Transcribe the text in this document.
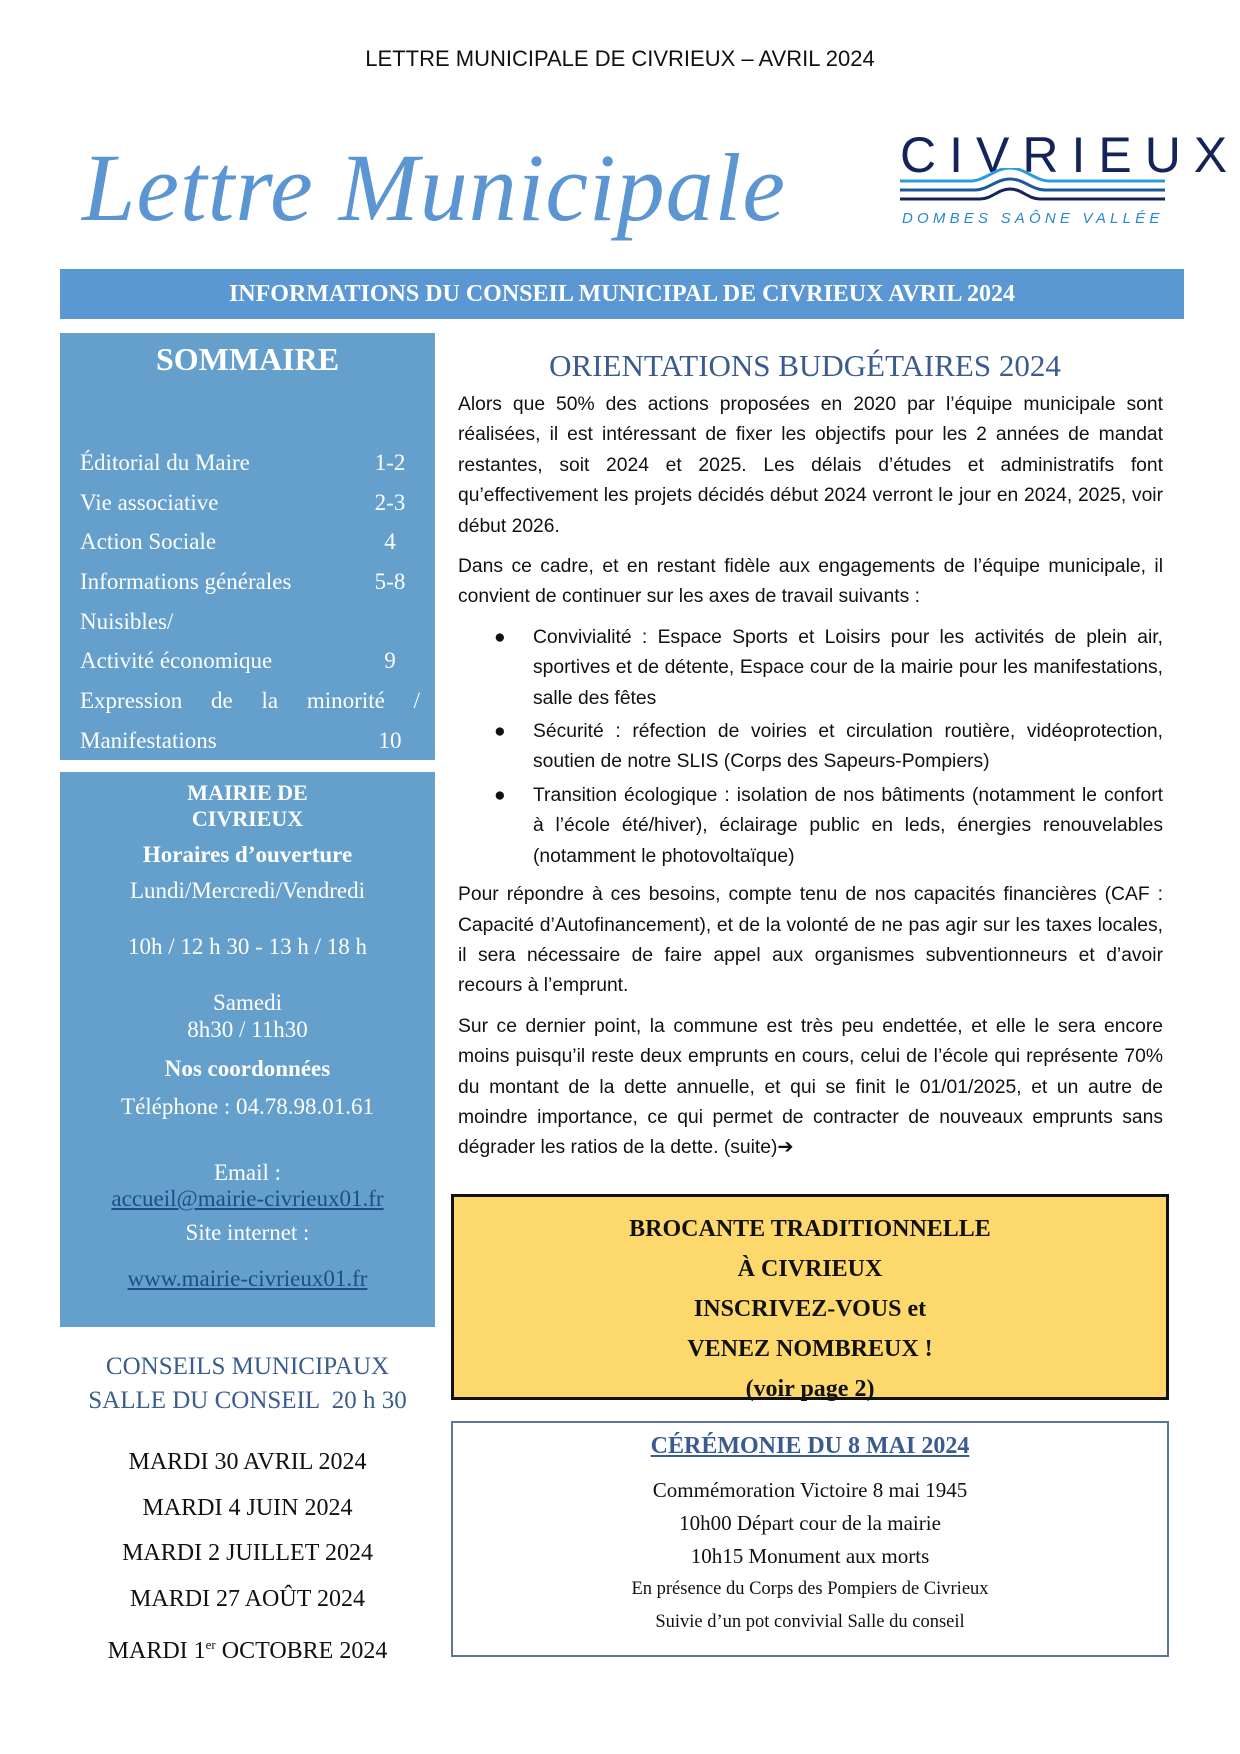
LETTRE MUNICIPALE DE CIVRIEUX – AVRIL 2024
Lettre Municipale CIVRIEUX
DOMBES SAÔNE VALLÉE
INFORMATIONS DU CONSEIL MUNICIPAL DE CIVRIEUX AVRIL 2024
SOMMAIRE
Éditorial du Maire	1-2
Vie associative	2-3
Action Sociale	4
Informations générales	5-8
Nuisibles/
Activité économique	9
Expression de la minorité /
Manifestations	10
MAIRIE DE
CIVRIEUX
Horaires d’ouverture
Lundi/Mercredi/Vendredi
10h / 12 h 30 - 13 h / 18 h
Samedi
8h30 / 11h30
Nos coordonnées
Téléphone : 04.78.98.01.61
Email :
accueil@mairie-civrieux01.fr
Site internet :
www.mairie-civrieux01.fr
CONSEILS MUNICIPAUX
SALLE DU CONSEIL  20 h 30
MARDI 30 AVRIL 2024
MARDI 4 JUIN 2024
MARDI 2 JUILLET 2024
MARDI 27 AOÛT 2024
MARDI 1er OCTOBRE 2024
ORIENTATIONS BUDGÉTAIRES 2024

Alors que 50% des actions proposées en 2020 par l’équipe municipale sont réalisées, il est intéressant de fixer les objectifs pour les 2 années de mandat restantes, soit 2024 et 2025. Les délais d’études et administratifs font qu’effectivement les projets décidés début 2024 verront le jour en 2024, 2025, voir début 2026.

Dans ce cadre, et en restant fidèle aux engagements de l’équipe municipale, il convient de continuer sur les axes de travail suivants :

● Convivialité : Espace Sports et Loisirs pour les activités de plein air, sportives et de détente, Espace cour de la mairie pour les manifestations, salle des fêtes
● Sécurité : réfection de voiries et circulation routière, vidéoprotection, soutien de notre SLIS (Corps des Sapeurs-Pompiers)
● Transition écologique : isolation de nos bâtiments (notamment le confort à l’école été/hiver), éclairage public en leds, énergies renouvelables (notamment le photovoltaïque)

Pour répondre à ces besoins, compte tenu de nos capacités financières (CAF : Capacité d’Autofinancement), et de la volonté de ne pas agir sur les taxes locales, il sera nécessaire de faire appel aux organismes subventionneurs et d’avoir recours à l’emprunt.

Sur ce dernier point, la commune est très peu endettée, et elle le sera encore moins puisqu’il reste deux emprunts en cours, celui de l’école qui représente 70% du montant de la dette annuelle, et qui se finit le 01/01/2025, et un autre de moindre importance, ce qui permet de contracter de nouveaux emprunts sans dégrader les ratios de la dette. (suite)➔

BROCANTE TRADITIONNELLE
À CIVRIEUX
INSCRIVEZ-VOUS et
VENEZ NOMBREUX !
(voir page 2)
CÉRÉMONIE DU 8 MAI 2024
Commémoration Victoire 8 mai 1945
10h00 Départ cour de la mairie
10h15 Monument aux morts
En présence du Corps des Pompiers de Civrieux
Suivie d’un pot convivial Salle du conseil
